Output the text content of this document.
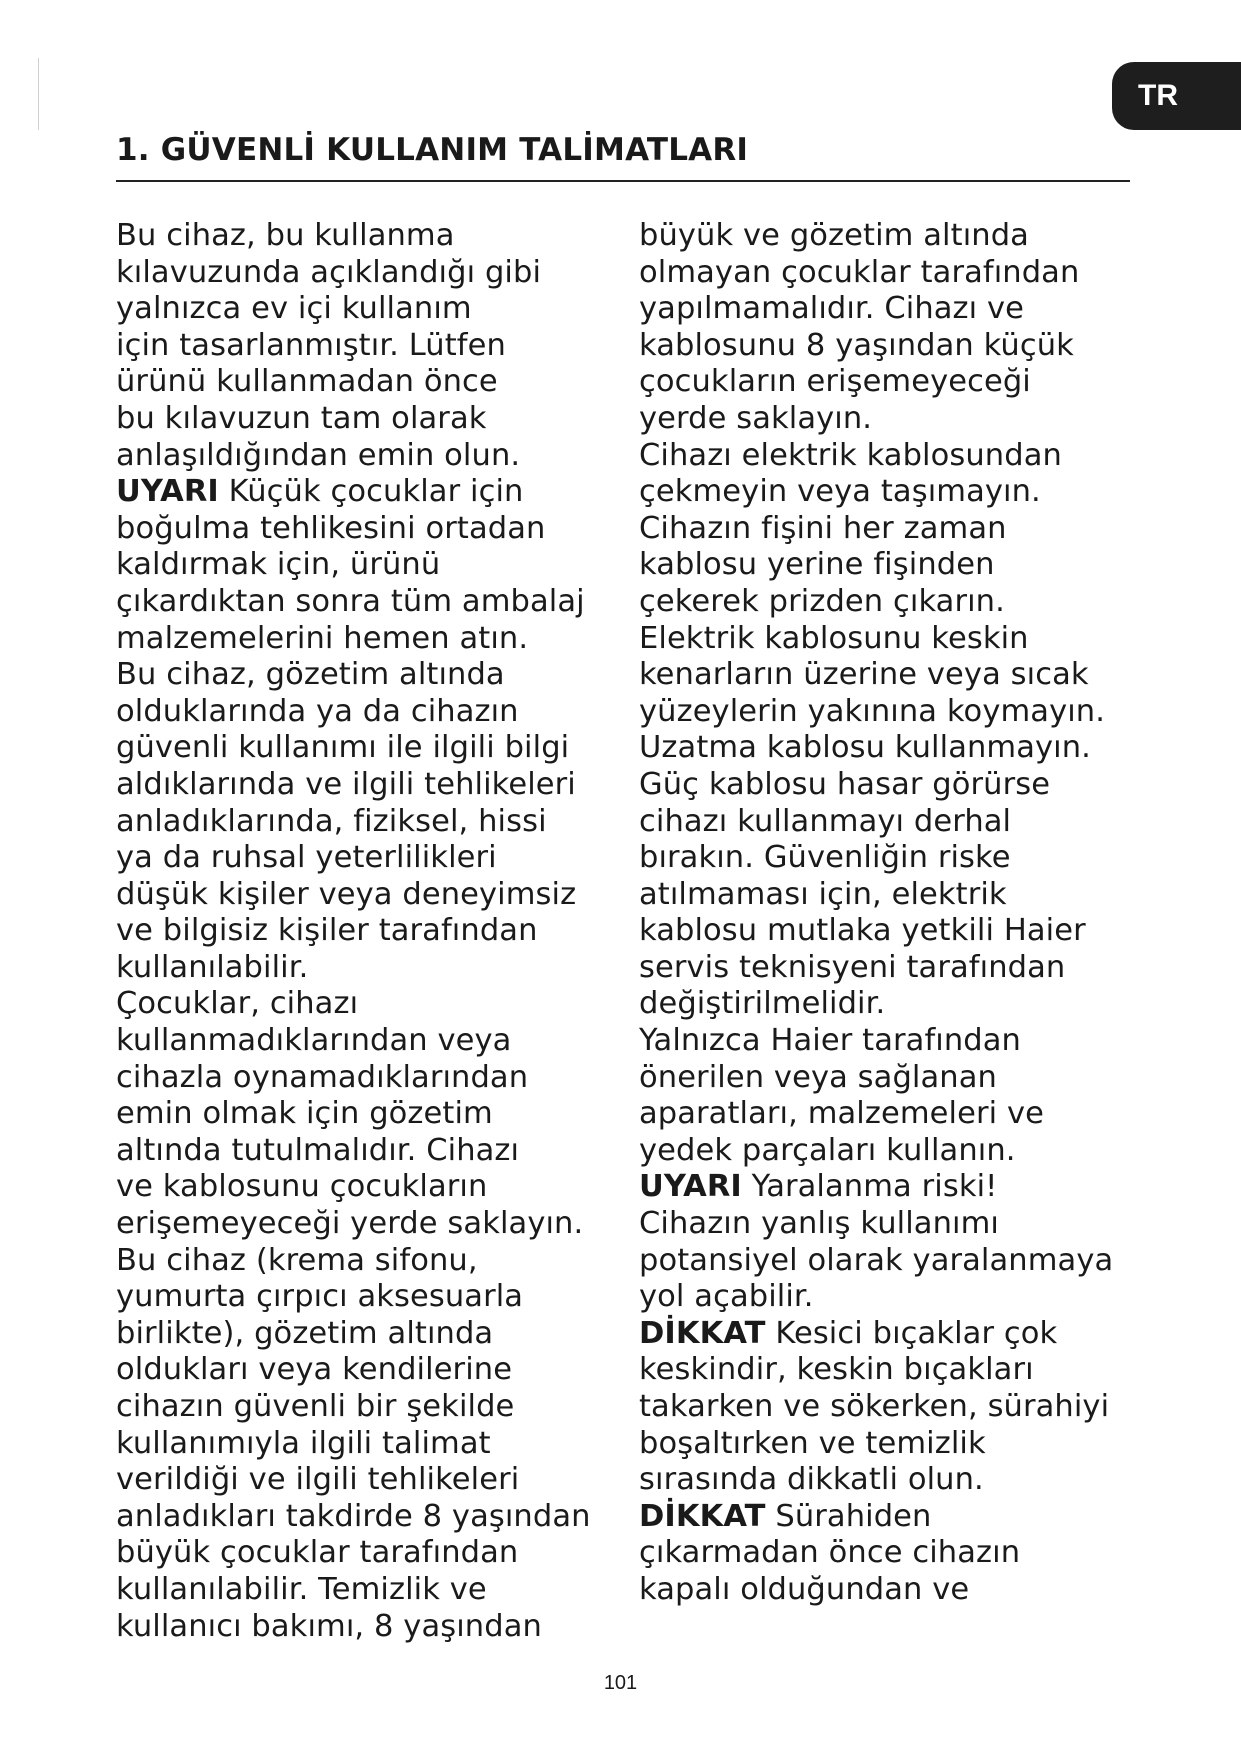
TR
1. GÜVENLİ KULLANIM TALİMATLARI
Bu cihaz, bu kullanma
kılavuzunda açıklandığı gibi
yalnızca ev içi kullanım
için tasarlanmıştır. Lütfen
ürünü kullanmadan önce
bu kılavuzun tam olarak
anlaşıldığından emin olun.
UYARI Küçük çocuklar için
boğulma tehlikesini ortadan
kaldırmak için, ürünü
çıkardıktan sonra tüm ambalaj
malzemelerini hemen atın.
Bu cihaz, gözetim altında
olduklarında ya da cihazın
güvenli kullanımı ile ilgili bilgi
aldıklarında ve ilgili tehlikeleri
anladıklarında, fiziksel, hissi
ya da ruhsal yeterlilikleri
düşük kişiler veya deneyimsiz
ve bilgisiz kişiler tarafından
kullanılabilir.
Çocuklar, cihazı
kullanmadıklarından veya
cihazla oynamadıklarından
emin olmak için gözetim
altında tutulmalıdır. Cihazı
ve kablosunu çocukların
erişemeyeceği yerde saklayın.
Bu cihaz (krema sifonu,
yumurta çırpıcı aksesuarla
birlikte), gözetim altında
oldukları veya kendilerine
cihazın güvenli bir şekilde
kullanımıyla ilgili talimat
verildiği ve ilgili tehlikeleri
anladıkları takdirde 8 yaşından
büyük çocuklar tarafından
kullanılabilir. Temizlik ve
kullanıcı bakımı, 8 yaşından
büyük ve gözetim altında
olmayan çocuklar tarafından
yapılmamalıdır. Cihazı ve
kablosunu 8 yaşından küçük
çocukların erişemeyeceği
yerde saklayın.
Cihazı elektrik kablosundan
çekmeyin veya taşımayın.
Cihazın fişini her zaman
kablosu yerine fişinden
çekerek prizden çıkarın.
Elektrik kablosunu keskin
kenarların üzerine veya sıcak
yüzeylerin yakınına koymayın.
Uzatma kablosu kullanmayın.
Güç kablosu hasar görürse
cihazı kullanmayı derhal
bırakın. Güvenliğin riske
atılmaması için, elektrik
kablosu mutlaka yetkili Haier
servis teknisyeni tarafından
değiştirilmelidir.
Yalnızca Haier tarafından
önerilen veya sağlanan
aparatları, malzemeleri ve
yedek parçaları kullanın.
UYARI Yaralanma riski!
Cihazın yanlış kullanımı
potansiyel olarak yaralanmaya
yol açabilir.
DİKKAT Kesici bıçaklar çok
keskindir, keskin bıçakları
takarken ve sökerken, sürahiyi
boşaltırken ve temizlik
sırasında dikkatli olun.
DİKKAT Sürahiden
çıkarmadan önce cihazın
kapalı olduğundan ve
101
